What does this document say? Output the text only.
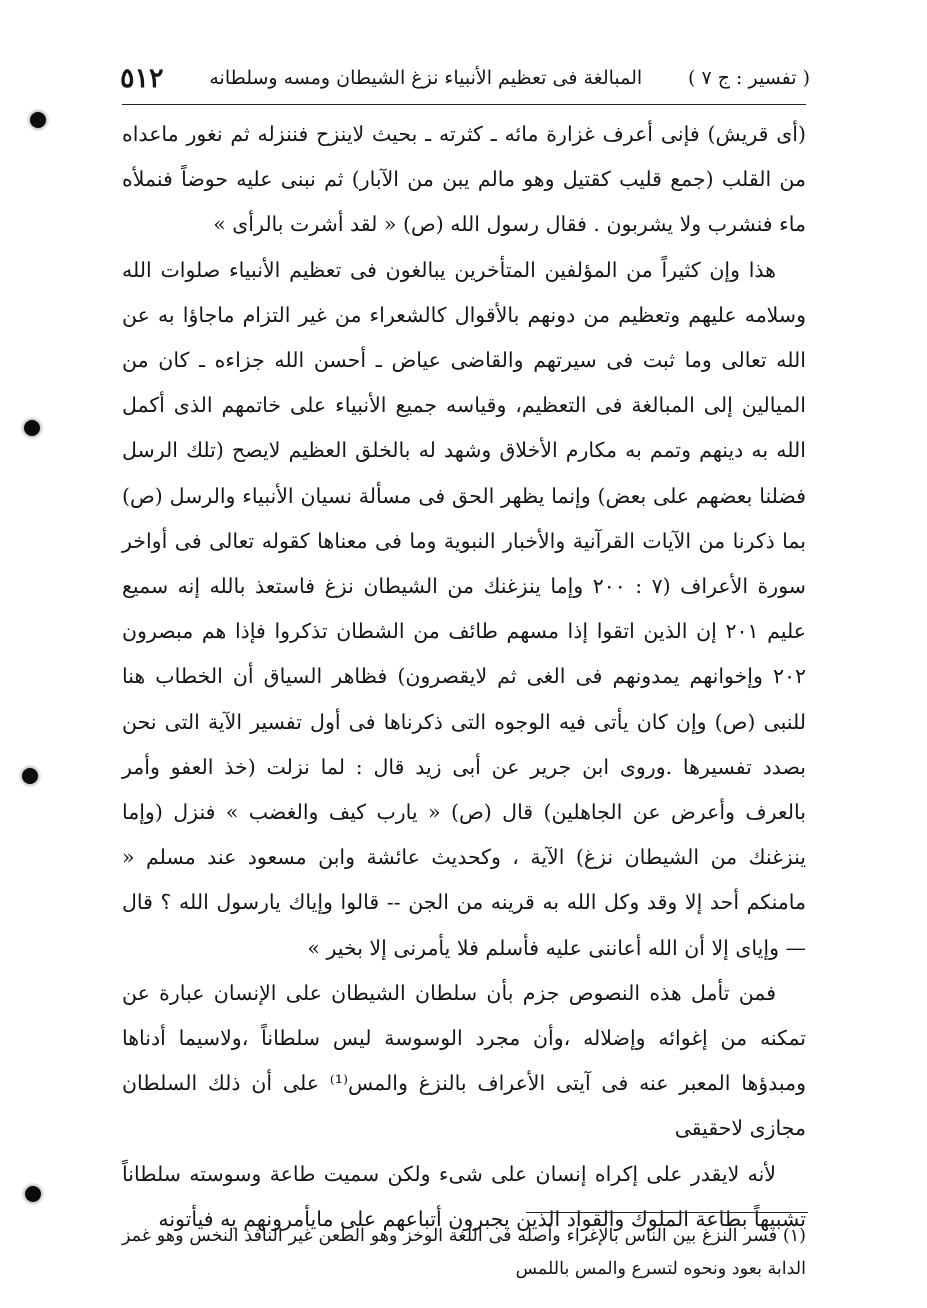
٥١٢	المبالغة فى تعظيم الأنبياء نزغ الشيطان ومسه وسلطانه	( تفسير : ج ٧ )

(أى قريش) فإنى أعرف غزارة مائه ـ كثرته ـ بحيث لاينزح فننزله ثم نغور ماعداه من القلب (جمع قليب كقتيل وهو مالم يبن من الآبار) ثم نبنى عليه حوضاً فنملأه ماء فنشرب ولا يشربون . فقال رسول الله (ص) « لقد أشرت بالرأى »

هذا وإن كثيراً من المؤلفين المتأخرين يبالغون فى تعظيم الأنبياء صلوات الله وسلامه عليهم وتعظيم من دونهم بالأقوال كالشعراء من غير التزام ماجاؤا به عن الله تعالى وما ثبت فى سيرتهم والقاضى عياض ـ أحسن الله جزاءه ـ كان من الميالين إلى المبالغة فى التعظيم، وقياسه جميع الأنبياء على خاتمهم الذى أكمل الله به دينهم وتمم به مكارم الأخلاق وشهد له بالخلق العظيم لايصح (تلك الرسل فضلنا بعضهم على بعض) وإنما يظهر الحق فى مسألة نسيان الأنبياء والرسل (ص) بما ذكرنا من الآيات القرآنية والأخبار النبوية وما فى معناها كقوله تعالى فى أواخر سورة الأعراف (٧ : ٢٠٠ وإما ينزغنك من الشيطان نزغ فاستعذ بالله إنه سميع عليم ٢٠١ إن الذين اتقوا إذا مسهم طائف من الشطان تذكروا فإذا هم مبصرون ٢٠٢ وإخوانهم يمدونهم فى الغى ثم لايقصرون) فظاهر السياق أن الخطاب هنا للنبى (ص) وإن كان يأتى فيه الوجوه التى ذكرناها فى أول تفسير الآية التى نحن بصدد تفسيرها .وروى ابن جرير عن أبى زيد قال : لما نزلت (خذ العفو وأمر بالعرف وأعرض عن الجاهلين) قال (ص) « يارب كيف والغضب » فنزل (وإما ينزغنك من الشيطان نزغ) الآية ، وكحديث عائشة وابن مسعود عند مسلم « مامنكم أحد إلا وقد وكل الله به قرينه من الجن -- قالوا وإياك يارسول الله ؟ قال — وإياى إلا أن الله أعاننى عليه فأسلم فلا يأمرنى إلا بخير »

فمن تأمل هذه النصوص جزم بأن سلطان الشيطان على الإنسان عبارة عن تمكنه من إغوائه وإضلاله ،وأن مجرد الوسوسة ليس سلطاناً ،ولاسيما أدناها ومبدؤها المعبر عنه فى آيتى الأعراف بالنزغ والمس⁽¹⁾ على أن ذلك السلطان مجازى لاحقيقى

لأنه لايقدر على إكراه إنسان على شىء ولكن سميت طاعة وسوسته سلطاناً تشبيهاً بطاعة الملوك والقواد الذين يجبرون أتباعهم على مايأمرونهم به فيأتونه

(١) فسر النزغ بين الناس بالإغراء وأصله فى اللغة الوخز وهو الطعن غير النافذ النخس وهو غمز الدابة بعود ونحوه لتسرع والمس باللمس
